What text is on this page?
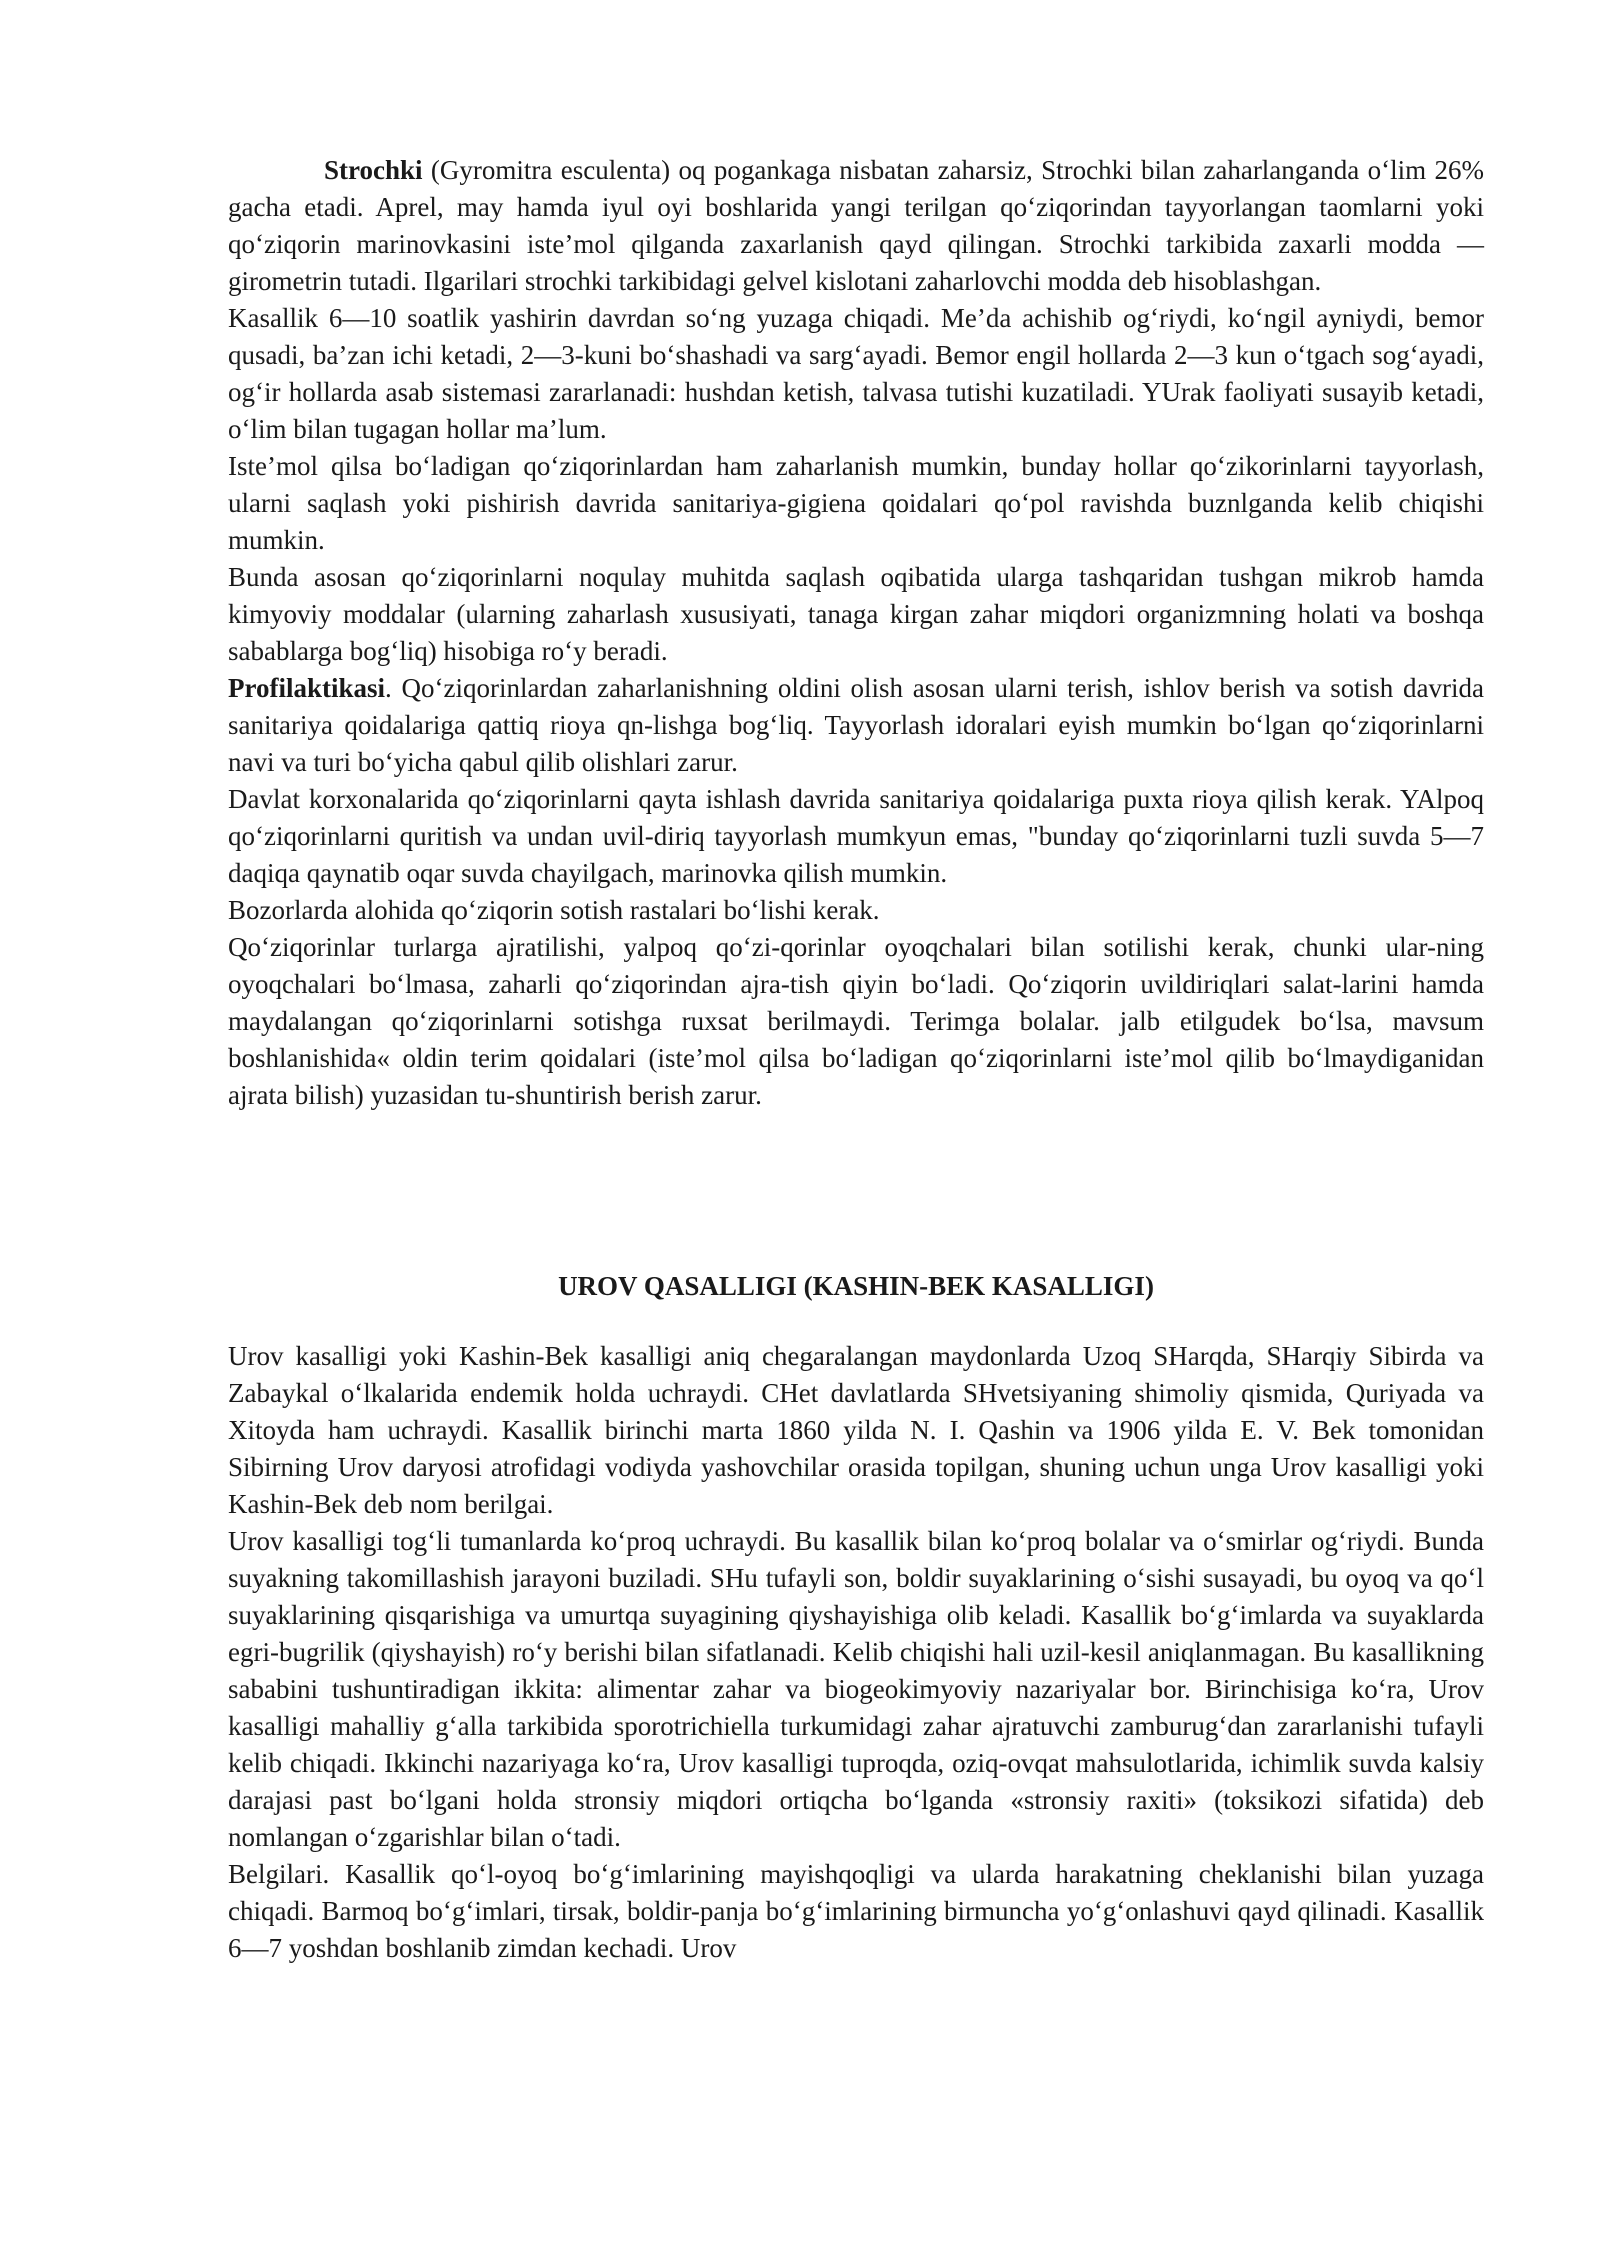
Strochki (Gyromitra esculenta) oq pogankaga nisbatan zaharsiz, Strochki bilan zaharlanganda o‘lim 26% gacha etadi. Aprel, may hamda iyul oyi boshlarida yangi terilgan qo‘ziqorindan tayyorlangan taomlarni yoki qo‘ziqorin marinovkasini iste’mol qilganda zaxarlanish qayd qilingan. Strochki tarkibida zaxarli modda — girometrin tutadi. Ilgarilari strochki tarkibidagi gelvel kislotani zaharlovchi modda deb hisoblashgan.

Kasallik 6—10 soatlik yashirin davrdan so‘ng yuzaga chiqadi. Me’da achishib og‘riydi, ko‘ngil ayniydi, bemor qusadi, ba’zan ichi ketadi, 2—3-kuni bo‘shashadi va sarg‘ayadi. Bemor engil hollarda 2—3 kun o‘tgach sog‘ayadi, og‘ir hollarda asab sistemasi zararlanadi: hushdan ketish, talvasa tutishi kuzatiladi. YUrak faoliyati susayib ketadi, o‘lim bilan tugagan hollar ma’lum.

Iste’mol qilsa bo‘ladigan qo‘ziqorinlardan ham zaharlanish mumkin, bunday hollar qo‘zikorinlarni tayyorlash, ularni saqlash yoki pishirish davrida sanitariya-gigiena qoidalari qo‘pol ravishda buznlganda kelib chiqishi mumkin.

Bunda asosan qo‘ziqorinlarni noqulay muhitda saqlash oqibatida ularga tashqaridan tushgan mikrob hamda kimyoviy moddalar (ularning zaharlash xususiyati, tanaga kirgan zahar miqdori organizmning holati va boshqa sabablarga bog‘liq) hisobiga ro‘y beradi.

Profilaktikasi. Qo‘ziqorinlardan zaharlanishning oldini olish asosan ularni terish, ishlov berish va sotish davrida sanitariya qoidalariga qattiq rioya qn-lishga bog‘liq. Tayyorlash idoralari eyish mumkin bo‘lgan qo‘ziqorinlarni navi va turi bo‘yicha qabul qilib olishlari zarur.

Davlat korxonalarida qo‘ziqorinlarni qayta ishlash davrida sanitariya qoidalariga puxta rioya qilish kerak. YAlpoq qo‘ziqorinlarni quritish va undan uvil-diriq tayyorlash mumkyun emas, "bunday qo‘ziqorinlarni tuzli suvda 5—7 daqiqa qaynatib oqar suvda chayilgach, marinovka qilish mumkin.

Bozorlarda alohida qo‘ziqorin sotish rastalari bo‘lishi kerak.

Qo‘ziqorinlar turlarga ajratilishi, yalpoq qo‘zi-qorinlar oyoqchalari bilan sotilishi kerak, chunki ular-ning oyoqchalari bo‘lmasa, zaharli qo‘ziqorindan ajra-tish qiyin bo‘ladi. Qo‘ziqorin uvildiriqlari salat-larini hamda maydalangan qo‘ziqorinlarni sotishga ruxsat berilmaydi. Terimga bolalar. jalb etilgudek bo‘lsa, mavsum boshlanishida« oldin terim qoidalari (iste’mol qilsa bo‘ladigan qo‘ziqorinlarni iste’mol qilib bo‘lmaydiganidan ajrata bilish) yuzasidan tu-shuntirish berish zarur.

UROV QASALLIGI (KASHIN-BEK KASALLIGI)

Urov kasalligi yoki Kashin-Bek kasalligi aniq chegaralangan maydonlarda Uzoq SHarqda, SHarqiy Sibirda va Zabaykal o‘lkalarida endemik holda uchraydi. CHet davlatlarda SHvetsiyaning shimoliy qismida, Quriyada va Xitoyda ham uchraydi. Kasallik birinchi marta 1860 yilda N. I. Qashin va 1906 yilda E. V. Bek tomonidan Sibirning Urov daryosi atrofidagi vodiyda yashovchilar orasida topilgan, shuning uchun unga Urov kasalligi yoki Kashin-Bek deb nom berilgai.

Urov kasalligi tog‘li tumanlarda ko‘proq uchraydi. Bu kasallik bilan ko‘proq bolalar va o‘smirlar og‘riydi. Bunda suyakning takomillashish jarayoni buziladi. SHu tufayli son, boldir suyaklarining o‘sishi susayadi, bu oyoq va qo‘l suyaklarining qisqarishiga va umurtqa suyagining qiyshayishiga olib keladi. Kasallik bo‘g‘imlarda va suyaklarda egri-bugrilik (qiyshayish) ro‘y berishi bilan sifatlanadi. Kelib chiqishi hali uzil-kesil aniqlanmagan. Bu kasallikning sababini tushuntiradigan ikkita: alimentar zahar va biogeokimyoviy nazariyalar bor. Birinchisiga ko‘ra, Urov kasalligi mahalliy g‘alla tarkibida sporotrichiella turkumidagi zahar ajratuvchi zamburug‘dan zararlanishi tufayli kelib chiqadi. Ikkinchi nazariyaga ko‘ra, Urov kasalligi tuproqda, oziq-ovqat mahsulotlarida, ichimlik suvda kalsiy darajasi past bo‘lgani holda stronsiy miqdori ortiqcha bo‘lganda «stronsiy raxiti» (toksikozi sifatida) deb nomlangan o‘zgarishlar bilan o‘tadi.

Belgilari. Kasallik qo‘l-oyoq bo‘g‘imlarining mayishqoqligi va ularda harakatning cheklanishi bilan yuzaga chiqadi. Barmoq bo‘g‘imlari, tirsak, boldir-panja bo‘g‘imlarining birmuncha yo‘g‘onlashuvi qayd qilinadi. Kasallik 6—7 yoshdan boshlanib zimdan kechadi. Urov
